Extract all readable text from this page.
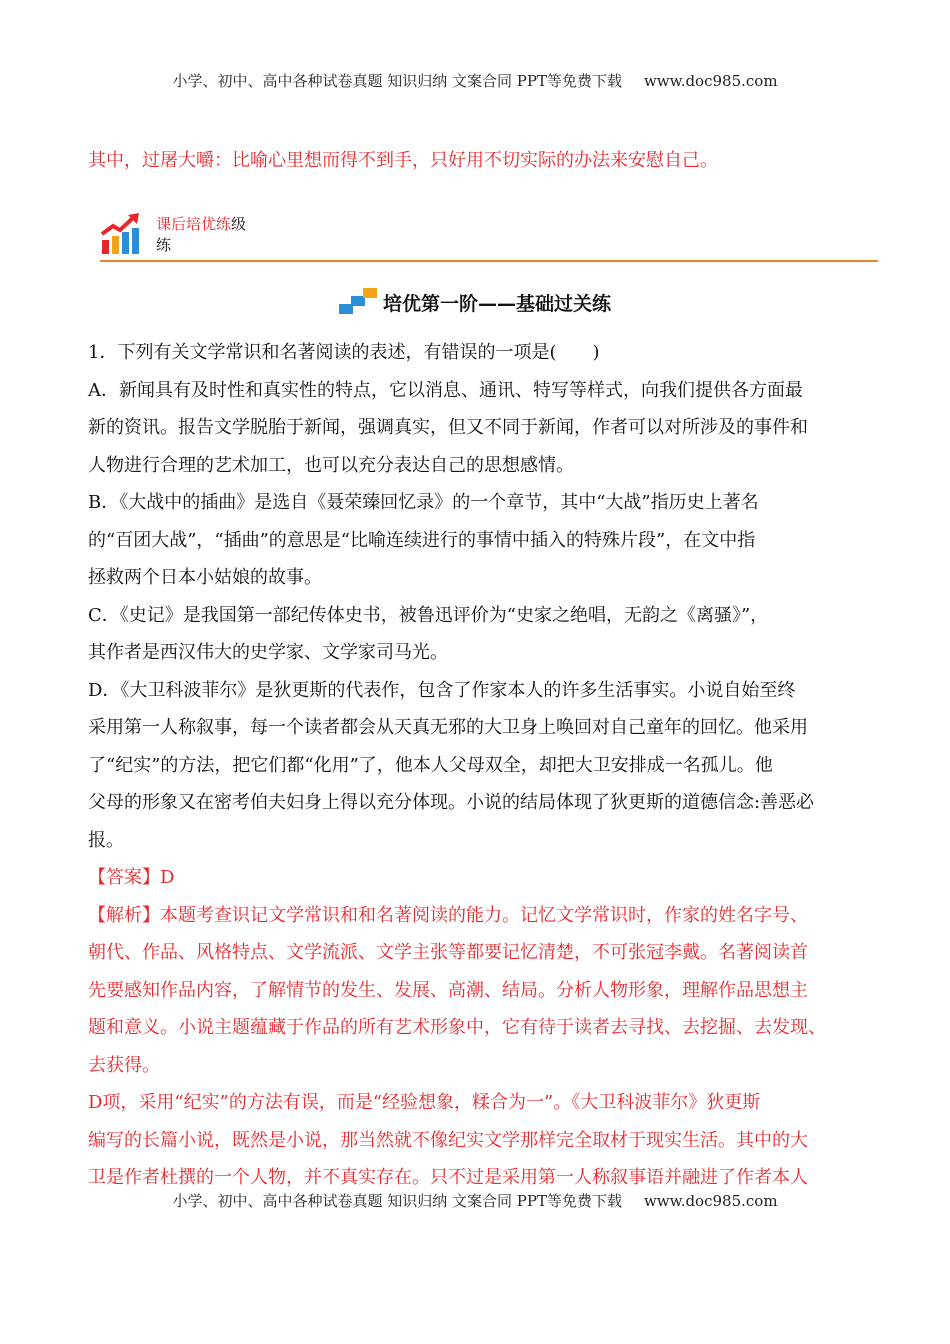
小学、初中、高中各种试卷真题 知识归纳 文案合同 PPT等免费下载 www.doc985.com
其中，过屠大嚼：比喻心里想而得不到手，只好用不切实际的办法来安慰自己。
课后培优练级
练
培优第一阶——基础过关练

1．下列有关文学常识和名著阅读的表述，有错误的一项是(　　)

A．新闻具有及时性和真实性的特点，它以消息、通讯、特写等样式，向我们提供各方面最

新的资讯。报告文学脱胎于新闻，强调真实，但又不同于新闻，作者可以对所涉及的事件和

人物进行合理的艺术加工，也可以充分表达自己的思想感情。

B．《大战中的插曲》是选自《聂荣臻回忆录》的一个章节，其中“大战”指历史上著名

的“百团大战”，“插曲”的意思是“比喻连续进行的事情中插入的特殊片段”，在文中指

拯救两个日本小姑娘的故事。

C．《史记》是我国第一部纪传体史书，被鲁迅评价为“史家之绝唱，无韵之《离骚》”，

其作者是西汉伟大的史学家、文学家司马光。

D．《大卫科波菲尔》是狄更斯的代表作，包含了作家本人的许多生活事实。小说自始至终

采用第一人称叙事，每一个读者都会从天真无邪的大卫身上唤回对自己童年的回忆。他采用

了“纪实”的方法，把它们都“化用”了，他本人父母双全，却把大卫安排成一名孤儿。他

父母的形象又在密考伯夫妇身上得以充分体现。小说的结局体现了狄更斯的道德信念:善恶必

报。

【答案】D

【解析】本题考查识记文学常识和和名著阅读的能力。记忆文学常识时，作家的姓名字号、

朝代、作品、风格特点、文学流派、文学主张等都要记忆清楚，不可张冠李戴。名著阅读首

先要感知作品内容，了解情节的发生、发展、高潮、结局。分析人物形象，理解作品思想主

题和意义。小说主题蕴藏于作品的所有艺术形象中，它有待于读者去寻找、去挖掘、去发现、

去获得。

D项，采用“纪实”的方法有误，而是“经验想象，糅合为一”。《大卫科波菲尔》狄更斯

编写的长篇小说，既然是小说，那当然就不像纪实文学那样完全取材于现实生活。其中的大

卫是作者杜撰的一个人物，并不真实存在。只不过是采用第一人称叙事语并融进了作者本人

小学、初中、高中各种试卷真题 知识归纳 文案合同 PPT等免费下载 www.doc985.com
